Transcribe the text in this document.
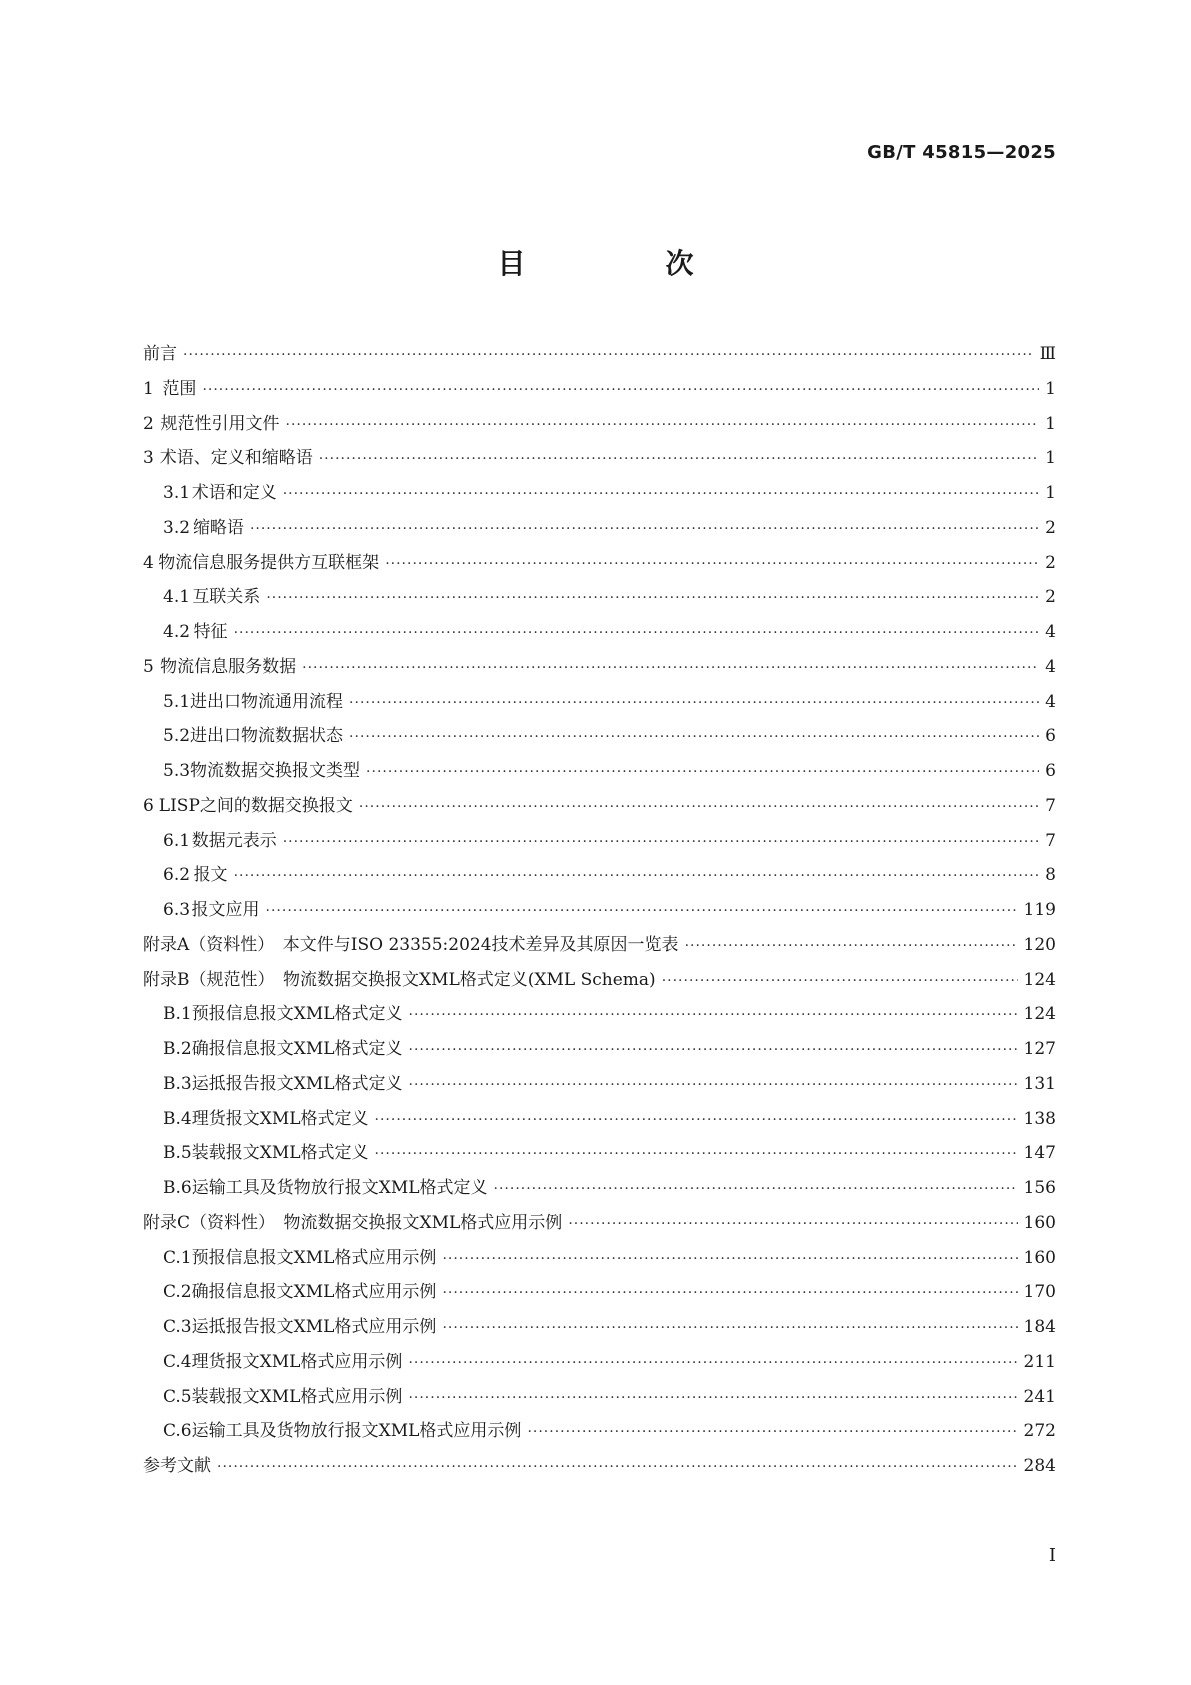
GB/T 45815—2025
目　次
前言 ·····	Ⅲ
1 范围 ·····	1
2 规范性引用文件 ·····	1
3 术语、定义和缩略语 ·····	1
3.1 术语和定义 ·····	1
3.2 缩略语 ·····	2
4 物流信息服务提供方互联框架 ·····	2
4.1 互联关系 ·····	2
4.2 特征 ·····	4
5 物流信息服务数据 ·····	4
5.1 进出口物流通用流程 ·····	4
5.2 进出口物流数据状态 ·····	6
5.3 物流数据交换报文类型 ·····	6
6 LISP之间的数据交换报文 ·····	7
6.1 数据元表示 ·····	7
6.2 报文 ·····	8
6.3 报文应用 ·····	119
附录A（资料性）　本文件与ISO 23355:2024技术差异及其原因一览表 ·····	120
附录B（规范性）　物流数据交换报文XML格式定义(XML Schema) ·····	124
B.1 预报信息报文XML格式定义 ·····	124
B.2 确报信息报文XML格式定义 ·····	127
B.3 运抵报告报文XML格式定义 ·····	131
B.4 理货报文XML格式定义 ·····	138
B.5 装载报文XML格式定义 ·····	147
B.6 运输工具及货物放行报文XML格式定义 ·····	156
附录C（资料性）　物流数据交换报文XML格式应用示例 ·····	160
C.1 预报信息报文XML格式应用示例 ·····	160
C.2 确报信息报文XML格式应用示例 ·····	170
C.3 运抵报告报文XML格式应用示例 ·····	184
C.4 理货报文XML格式应用示例 ·····	211
C.5 装载报文XML格式应用示例 ·····	241
C.6 运输工具及货物放行报文XML格式应用示例 ·····	272
参考文献 ·····	284
I
